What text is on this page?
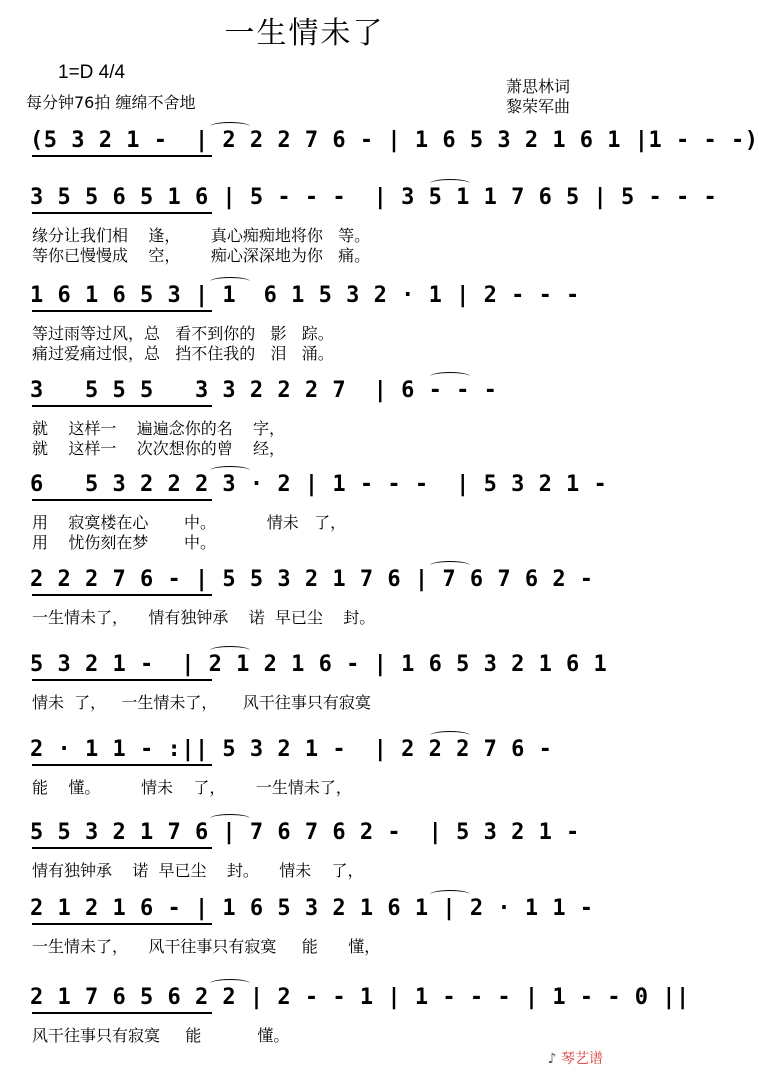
一生情未了
1=D 4/4
每分钟76拍 缠绵不舍地
萧思林词
黎荣军曲
(5 3 2 1 -  | 2 2 2 7 6 - | 1 6 5 3 2 1 6 1 |1 - - -)
3 5 5 6 5 1 6 | 5 - - -  | 3 5 1 1 7 6 5 | 5 - - -
缘分让我们相    逢，      真心痴痴地将你   等。
等你已慢慢成    空，      痴心深深地为你   痛。
1 6 1 6 5 3 | 1  6 1 5 3 2 · 1 | 2 - - -
等过雨等过风，总   看不到你的   影   踪。
痛过爱痛过恨，总   挡不住我的   泪   涌。
3   5 5 5   3 3 2 2 2 7  | 6 - - -
就    这样一    遍遍念你的名    字，
就    这样一    次次想你的曾    经，
6   5 3 2 2 2 3 · 2 | 1 - - -  | 5 3 2 1 -
用    寂寞楼在心       中。          情未   了，
用    忧伤刻在梦       中。
2 2 2 7 6 - | 5 5 3 2 1 7 6 | 7 6 7 6 2 -
一生情未了，    情有独钟承    诺  早已尘    封。
5 3 2 1 -  | 2 1 2 1 6 - | 1 6 5 3 2 1 6 1
情未  了，   一生情未了，     风干往事只有寂寞
2 · 1 1 - :|| 5 3 2 1 -  | 2 2 2 7 6 -
能    懂。        情未    了，      一生情未了，
5 5 3 2 1 7 6 | 7 6 7 6 2 -  | 5 3 2 1 -
情有独钟承    诺  早已尘    封。    情未    了，
2 1 2 1 6 - | 1 6 5 3 2 1 6 1 | 2 · 1 1 -
一生情未了，    风干往事只有寂寞     能      懂，
2 1 7 6 5 6 2 2 | 2 - - 1 | 1 - - - | 1 - - 0 ||
风干往事只有寂寞     能           懂。
♪ 琴艺谱
